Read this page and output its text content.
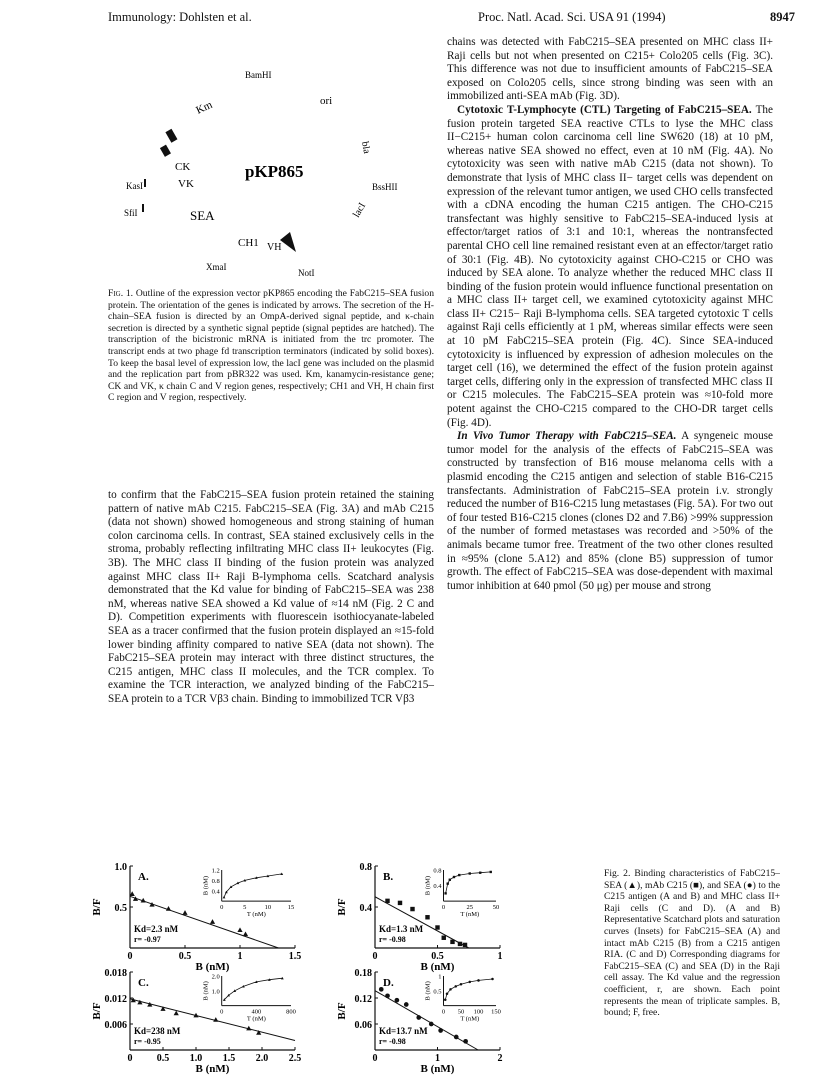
Immunology: Dohlsten et al.	Proc. Natl. Acad. Sci. USA 91 (1994)	8947
pKP865
BamHI
ori
Km
bla
CK
KasI	BssHII
VK
SfiI	lacI
SEA
CH1 VH
XmaI
NotI
Fig. 1. Outline of the expression vector pKP865 encoding the FabC215–SEA fusion protein. The orientation of the genes is indicated by arrows. The secretion of the H-chain–SEA fusion is directed by an OmpA-derived signal peptide, and κ-chain secretion is directed by a synthetic signal peptide (signal peptides are hatched). The transcription of the bicistronic mRNA is initiated from the trc promoter. The transcript ends at two phage fd transcription terminators (indicated by solid boxes). To keep the basal level of expression low, the lacI gene was included on the plasmid and the replication part from pBR322 was used. Km, kanamycin-resistance gene; CK and VK, κ chain C and V region genes, respectively; CH1 and VH, H chain first C region and V region, respectively.

to confirm that the FabC215–SEA fusion protein retained the staining pattern of native mAb C215. FabC215–SEA (Fig. 3A) and mAb C215 (data not shown) showed homogeneous and strong staining of human colon carcinoma cells. In contrast, SEA stained exclusively cells in the stroma, probably reflecting infiltrating MHC class II+ leukocytes (Fig. 3B). The MHC class II binding of the fusion protein was analyzed against MHC class II+ Raji B-lymphoma cells. Scatchard analysis demonstrated that the Kd value for binding of FabC215–SEA was 238 nM, whereas native SEA showed a Kd value of ≈14 nM (Fig. 2 C and D). Competition experiments with fluorescein isothiocyanate-labeled SEA as a tracer confirmed that the fusion protein displayed an ≈15-fold lower binding affinity compared to native SEA (data not shown). The FabC215–SEA protein may interact with three distinct structures, the C215 antigen, MHC class II molecules, and the TCR complex. To examine the TCR interaction, we analyzed binding of the FabC215–SEA protein to a TCR Vβ3 chain. Binding to immobilized TCR Vβ3

chains was detected with FabC215–SEA presented on MHC class II+ Raji cells but not when presented on C215+ Colo205 cells (Fig. 3C). This difference was not due to insufficient amounts of FabC215–SEA exposed on Colo205 cells, since strong binding was seen with an immobilized anti-SEA mAb (Fig. 3D).

Cytotoxic T-Lymphocyte (CTL) Targeting of FabC215–SEA. The fusion protein targeted SEA reactive CTLs to lyse the MHC class II−C215+ human colon carcinoma cell line SW620 (18) at 10 pM, whereas native SEA showed no effect, even at 10 nM (Fig. 4A). No cytotoxicity was seen with native mAb C215 (data not shown). To demonstrate that lysis of MHC class II− target cells was dependent on expression of the relevant tumor antigen, we used CHO cells transfected with a cDNA encoding the human C215 antigen. The CHO-C215 transfectant was highly sensitive to FabC215–SEA-induced lysis at effector/target ratios of 3:1 and 10:1, whereas the nontransfected parental CHO cell line remained resistant even at an effector/target ratio of 30:1 (Fig. 4B). No cytotoxicity against CHO-C215 or CHO was induced by SEA alone. To analyze whether the reduced MHC class II binding of the fusion protein would influence functional presentation on a MHC class II+ target cell, we examined cytotoxicity against MHC class II+ C215− Raji B-lymphoma cells. SEA targeted cytotoxic T cells against Raji cells efficiently at 1 pM, whereas similar effects were seen at 10 pM FabC215–SEA protein (Fig. 4C). Since SEA-induced cytotoxicity is influenced by expression of adhesion molecules on the target cell (16), we determined the effect of the fusion protein against target cells, differing only in the expression of transfected MHC class II or C215 molecules. The FabC215–SEA protein was ≈10-fold more potent against the CHO-C215 compared to the CHO-DR target cells (Fig. 4D).

In Vivo Tumor Therapy with FabC215–SEA. A syngeneic mouse tumor model for the analysis of the effects of FabC215–SEA was constructed by transfection of B16 mouse melanoma cells with a plasmid encoding the C215 antigen and selection of stable B16-C215 transfectants. Administration of FabC215–SEA protein i.v. strongly reduced the number of B16-C215 lung metastases (Fig. 5A). For two out of four tested B16-C215 clones (clones D2 and 7.B6) >99% suppression of the number of formed metastases was recorded and >50% of the animals became tumor free. Treatment of the two other clones resulted in ≈95% (clone 5.A12) and 85% (clone B5) suppression of tumor growth. The effect of FabC215–SEA was dose-dependent with maximal tumor inhibition at 640 pmol (50 μg) per mouse and strong

0	0.5	1	1.5
0.5
1.0
B (nM)
B/F
A.
Kd=2.3 nM
r= -0.97
0	5	10	15
0.4
0.8
1.2
T (nM)
B (nM)
0	0.5	1
0.4
0.8
B (nM)
B/F
B.
Kd=1.3 nM
r= -0.98
0	25	50
0.4
0.8
T (nM)
B (nM)
0 0.5 1.0 1.5 2.0 2.5
0.006
0.012
0.018
B (nM)
B/F
C.
Kd=238 nM
r= -0.95
0	400	800
1.0
2.0
T (nM)
B (nM)
0	1	2
0.06
0.12
0.18
B (nM)
B/F
D.
Kd=13.7 nM
r= -0.98
0 50 100 150
0.5
1
T (nM)
B (nM)
Fig. 2. Binding characteristics of FabC215–SEA (▲), mAb C215 (■), and SEA (●) to the C215 antigen (A and B) and MHC class II+ Raji cells (C and D). (A and B) Representative Scatchard plots and saturation curves (Insets) for FabC215–SEA (A) and intact mAb C215 (B) from a C215 antigen RIA. (C and D) Corresponding diagrams for FabC215–SEA (C) and SEA (D) in the Raji cell assay. The Kd value and the regression coefficient, r, are shown. Each point represents the mean of triplicate samples. B, bound; F, free.
